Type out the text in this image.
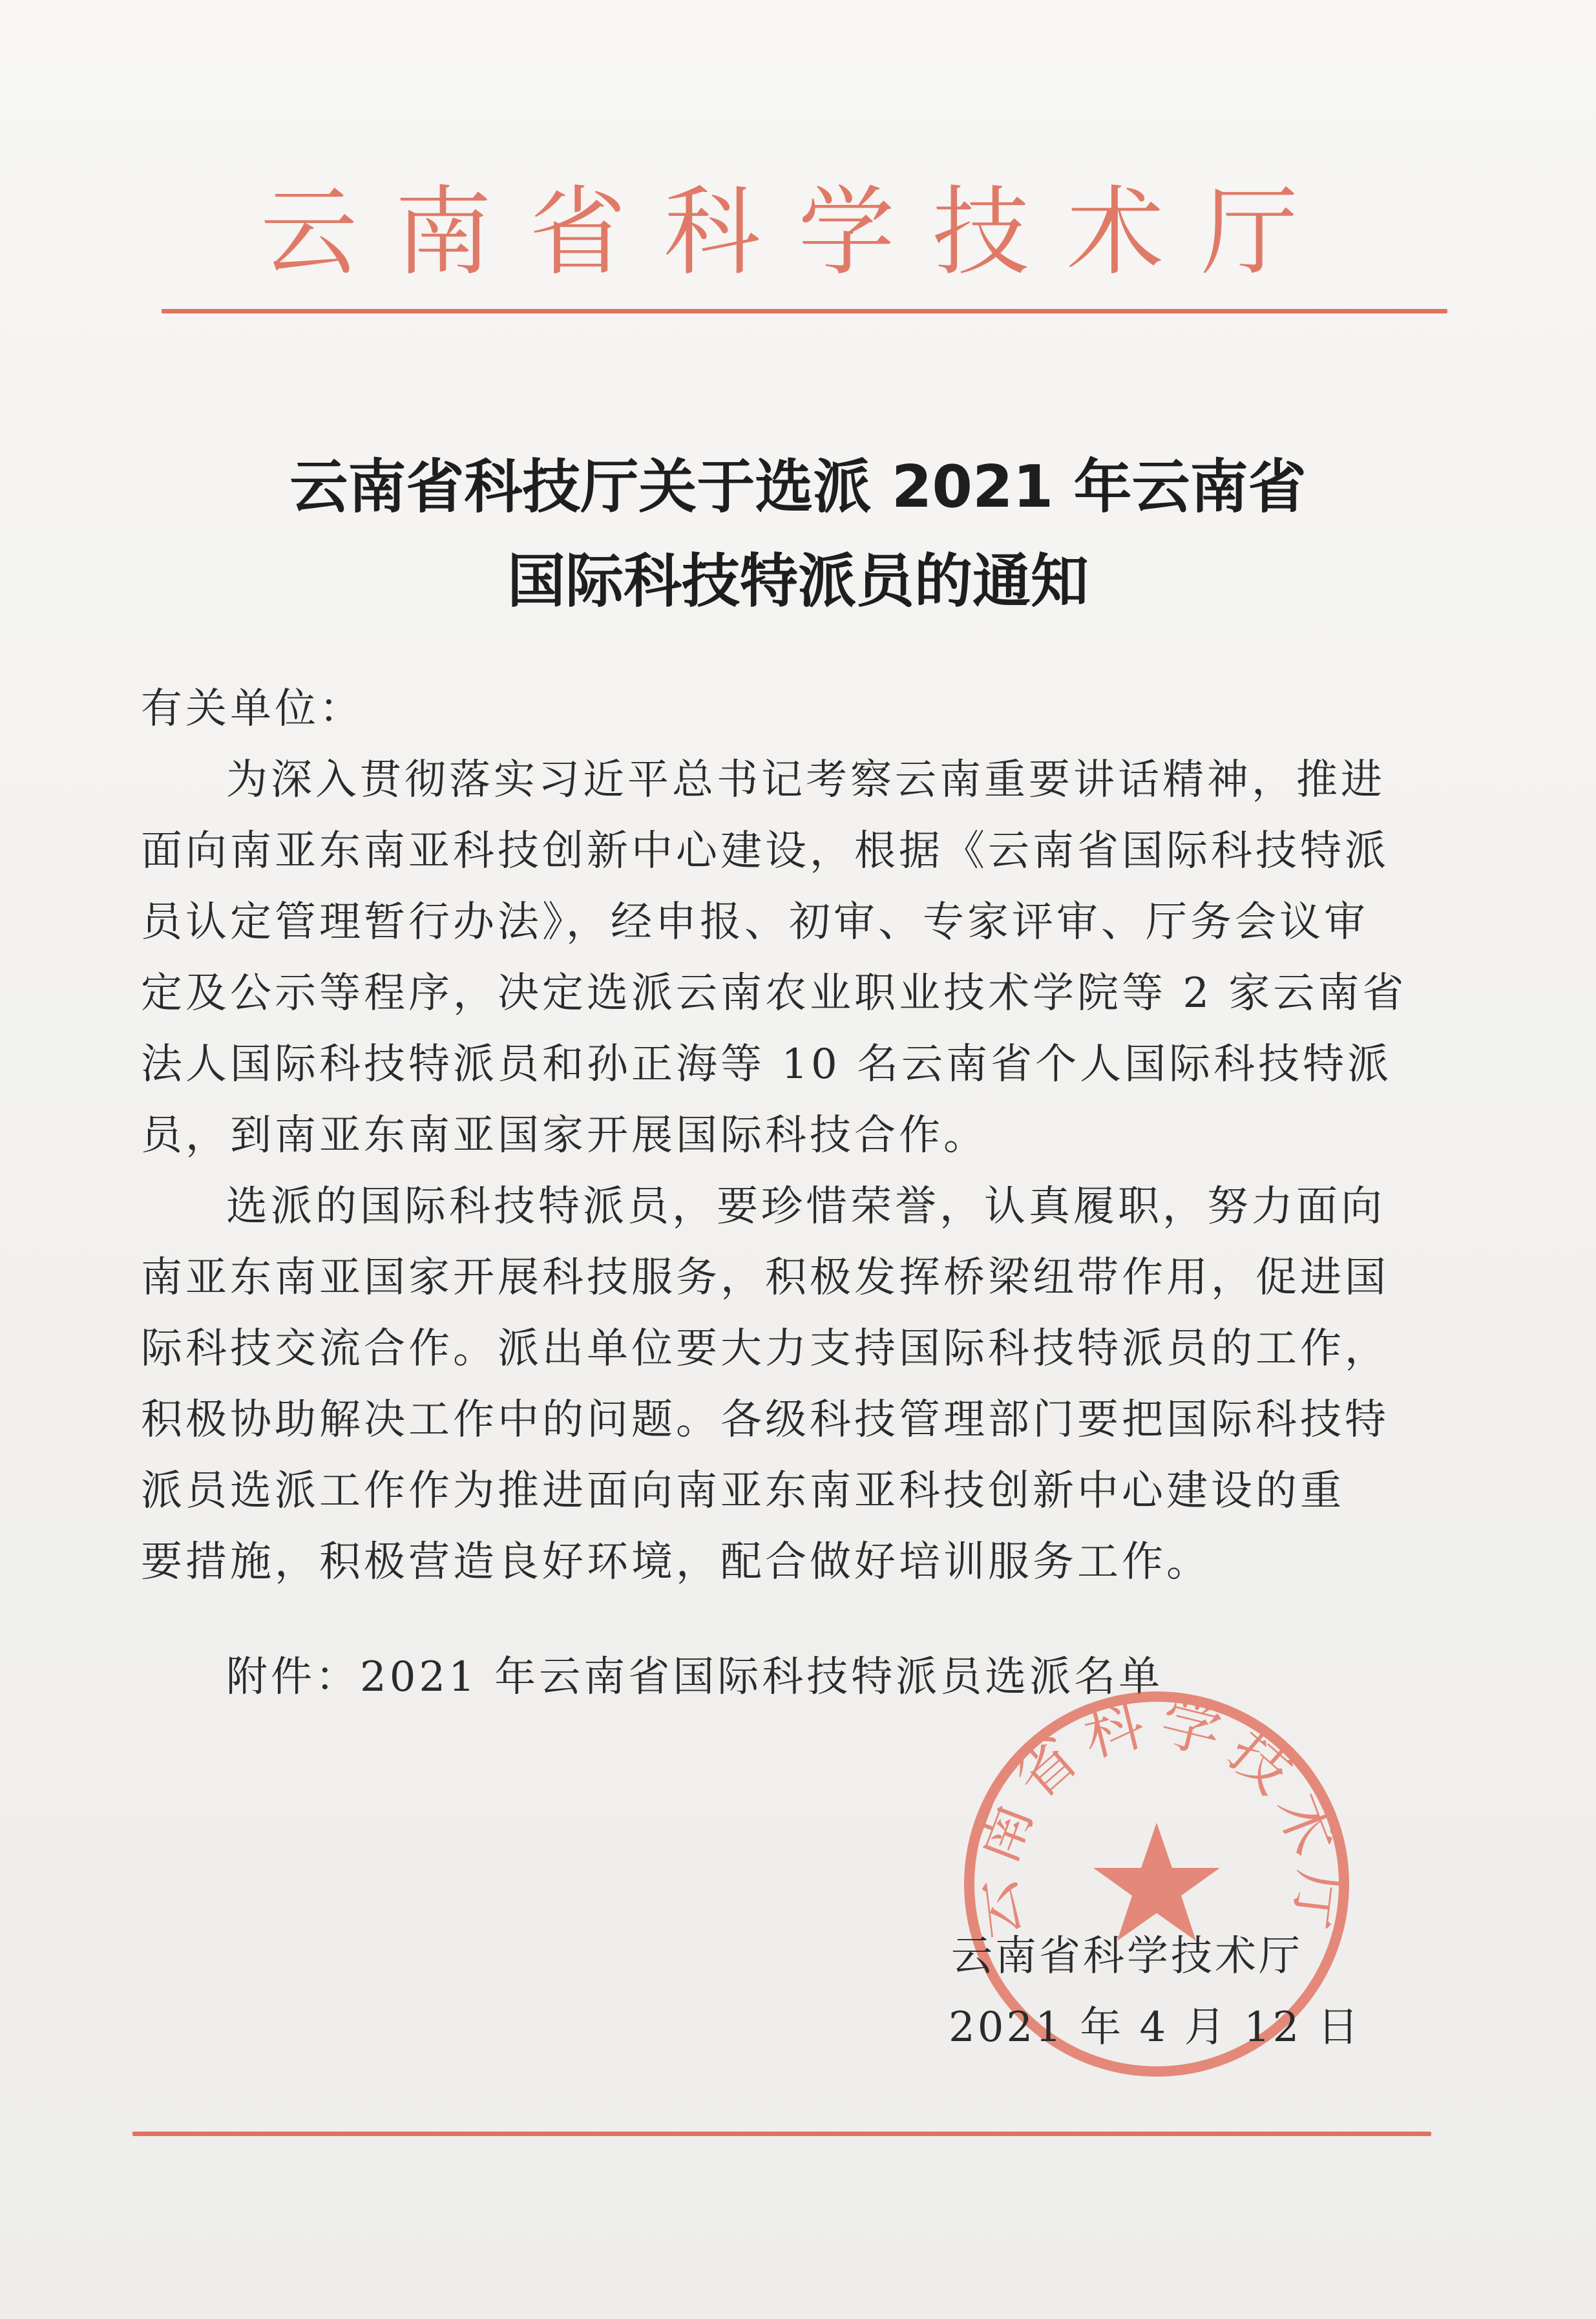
云南省科学技术厅
云南省科技厅关于选派 2021 年云南省
国际科技特派员的通知
有关单位：
为深入贯彻落实习近平总书记考察云南重要讲话精神，推进
面向南亚东南亚科技创新中心建设，根据《云南省国际科技特派
员认定管理暂行办法》，经申报、初审、专家评审、厅务会议审
定及公示等程序，决定选派云南农业职业技术学院等 2 家云南省
法人国际科技特派员和孙正海等 10 名云南省个人国际科技特派
员，到南亚东南亚国家开展国际科技合作。
选派的国际科技特派员，要珍惜荣誉，认真履职，努力面向
南亚东南亚国家开展科技服务，积极发挥桥梁纽带作用，促进国
际科技交流合作。派出单位要大力支持国际科技特派员的工作，
积极协助解决工作中的问题。各级科技管理部门要把国际科技特
派员选派工作作为推进面向南亚东南亚科技创新中心建设的重
要措施，积极营造良好环境，配合做好培训服务工作。
附件：2021 年云南省国际科技特派员选派名单
云南省科学技术厅
云南省科学技术厅
2021 年 4 月 12 日
